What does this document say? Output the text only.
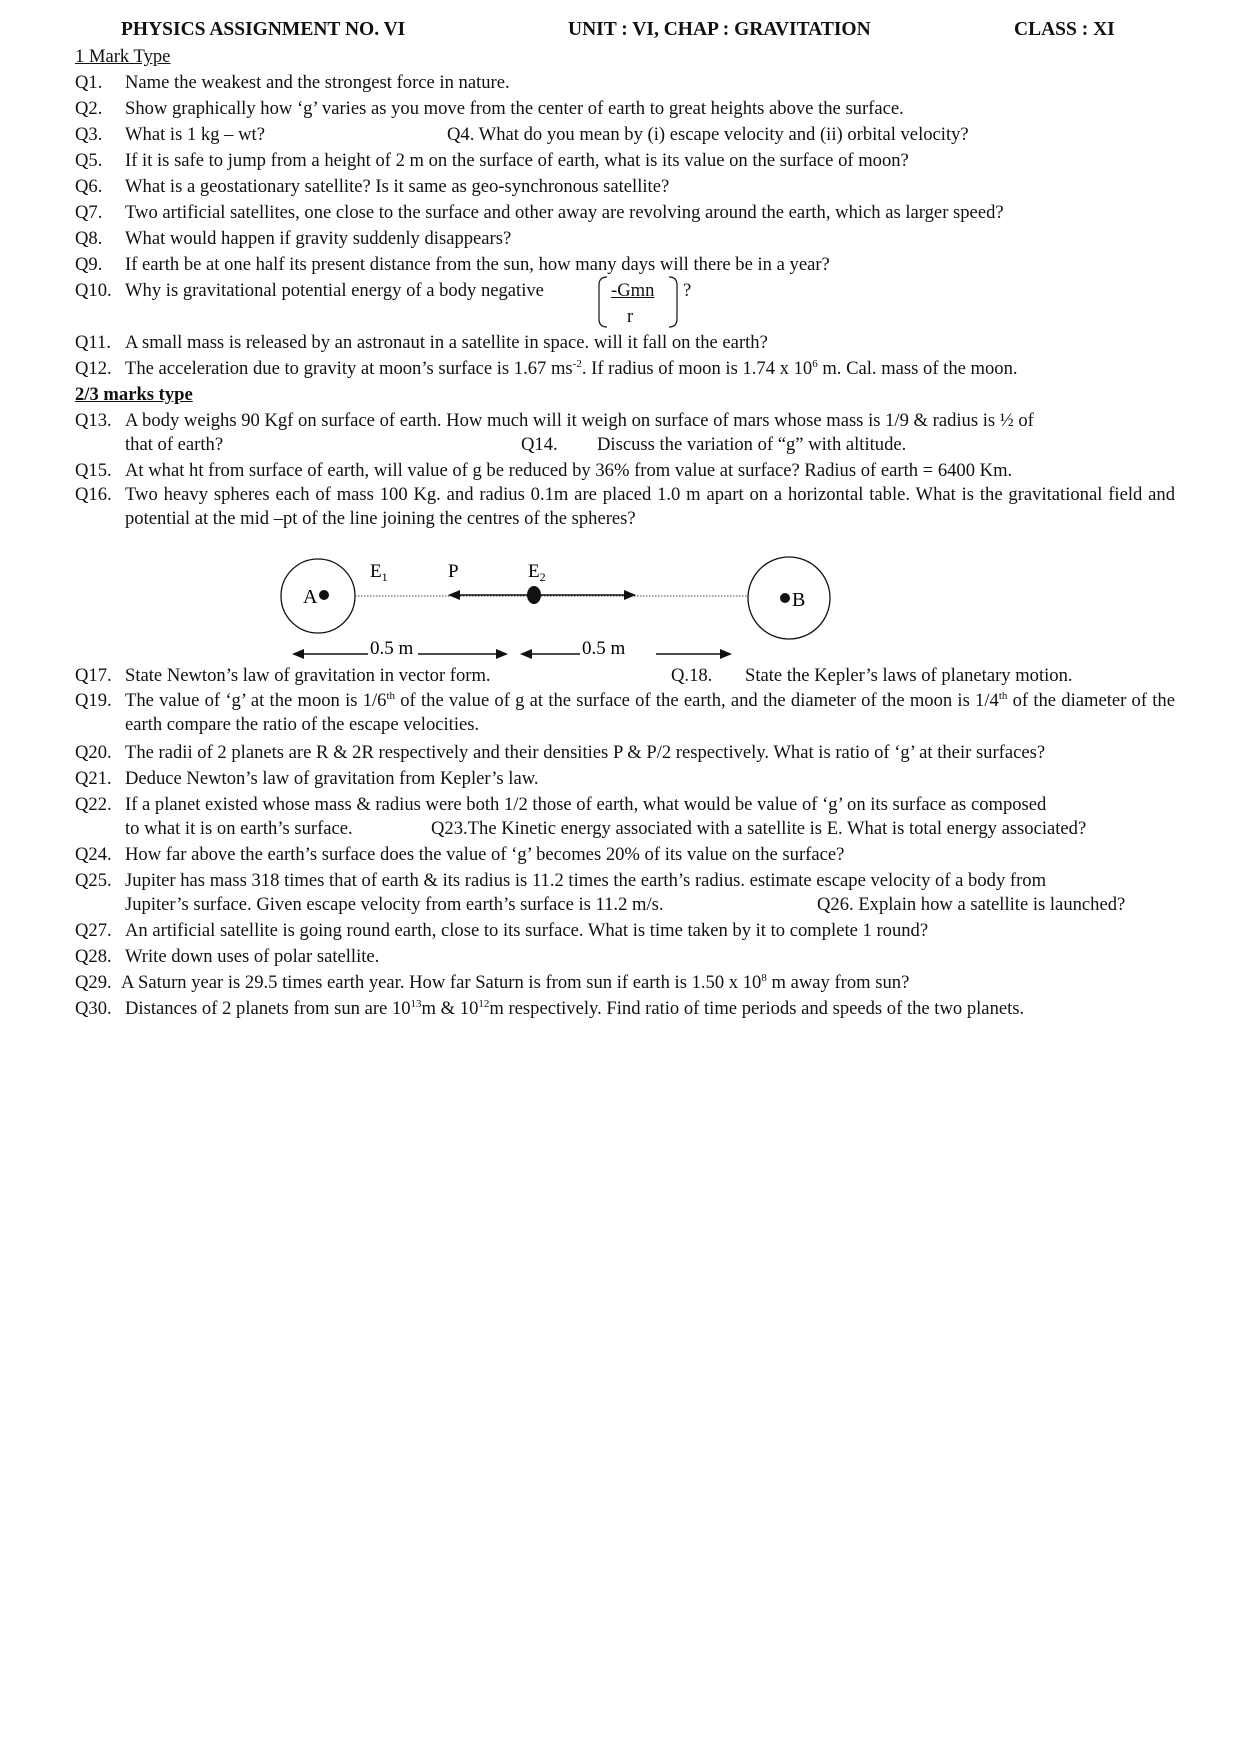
PHYSICS ASSIGNMENT NO. VI	UNIT : VI, CHAP : GRAVITATION	CLASS : XI
1 Mark Type
Q1. Name the weakest and the strongest force in nature.
Q2. Show graphically how ‘g’ varies as you move from the center of earth to great heights above the surface.
Q3. What is 1 kg – wt?	Q4. What do you mean by (i) escape velocity and (ii) orbital velocity?
Q5. If it is safe to jump from a height of 2 m on the surface of earth, what is its value on the surface of moon?
Q6. What is a geostationary satellite? Is it same as geo-synchronous satellite?
Q7. Two artificial satellites, one close to the surface and other away are revolving around the earth, which as larger speed?
Q8. What would happen if gravity suddenly disappears?
Q9. If earth be at one half its present distance from the sun, how many days will there be in a year?
Q10. Why is gravitational potential energy of a body negative	-Gmn
r
?
Q11. A small mass is released by an astronaut in a satellite in space. will it fall on the earth?
Q12. The acceleration due to gravity at moon’s surface is 1.67 $ms^{-2}$. If radius of moon is 1.74 x $10^6$ m. Cal. mass of the moon.
2/3 marks type
Q13. A body weighs 90 Kgf on surface of earth. How much will it weigh on surface of mars whose mass is 1/9 & radius is ½ of
that of earth?	Q14. Discuss the variation of “g” with altitude.
Q15. At what ht from surface of earth, will value of g be reduced by 36% from value at surface? Radius of earth = 6400 Km.
Q16. Two heavy spheres each of mass 100 Kg. and radius 0.1m are placed 1.0 m apart on a horizontal table. What is the gravitational field and potential at the mid –pt of the line joining the centres of the spheres?
A	B
$E_1$	P	$E_2$
0.5 m	0.5 m
Q17. State Newton’s law of gravitation in vector form.	Q.18. State the Kepler’s laws of planetary motion.
Q19. The value of ‘g’ at the moon is 1/6th of the value of g at the surface of the earth, and the diameter of the moon is 1/4th of the diameter of the earth compare the ratio of the escape velocities.
Q20. The radii of 2 planets are R & 2R respectively and their densities P & P/2 respectively. What is ratio of ‘g’ at their surfaces?
Q21. Deduce Newton’s law of gravitation from Kepler’s law.
Q22. If a planet existed whose mass & radius were both 1/2 those of earth, what would be value of ‘g’ on its surface as composed
to what it is on earth’s surface.	Q23.The Kinetic energy associated with a satellite is E. What is total energy associated?
Q24. How far above the earth’s surface does the value of ‘g’ becomes 20% of its value on the surface?
Q25. Jupiter has mass 318 times that of earth & its radius is 11.2 times the earth’s radius. estimate escape velocity of a body from
Jupiter’s surface. Given escape velocity from earth’s surface is 11.2 m/s.	Q26. Explain how a satellite is launched?
Q27. An artificial satellite is going round earth, close to its surface. What is time taken by it to complete 1 round?
Q28. Write down uses of polar satellite.
Q29. A Saturn year is 29.5 times earth year. How far Saturn is from sun if earth is 1.50 x $10^8$ m away from sun?
Q30. Distances of 2 planets from sun are $10^{13}m$ & $10^{12}m$ respectively. Find ratio of time periods and speeds of the two planets.
